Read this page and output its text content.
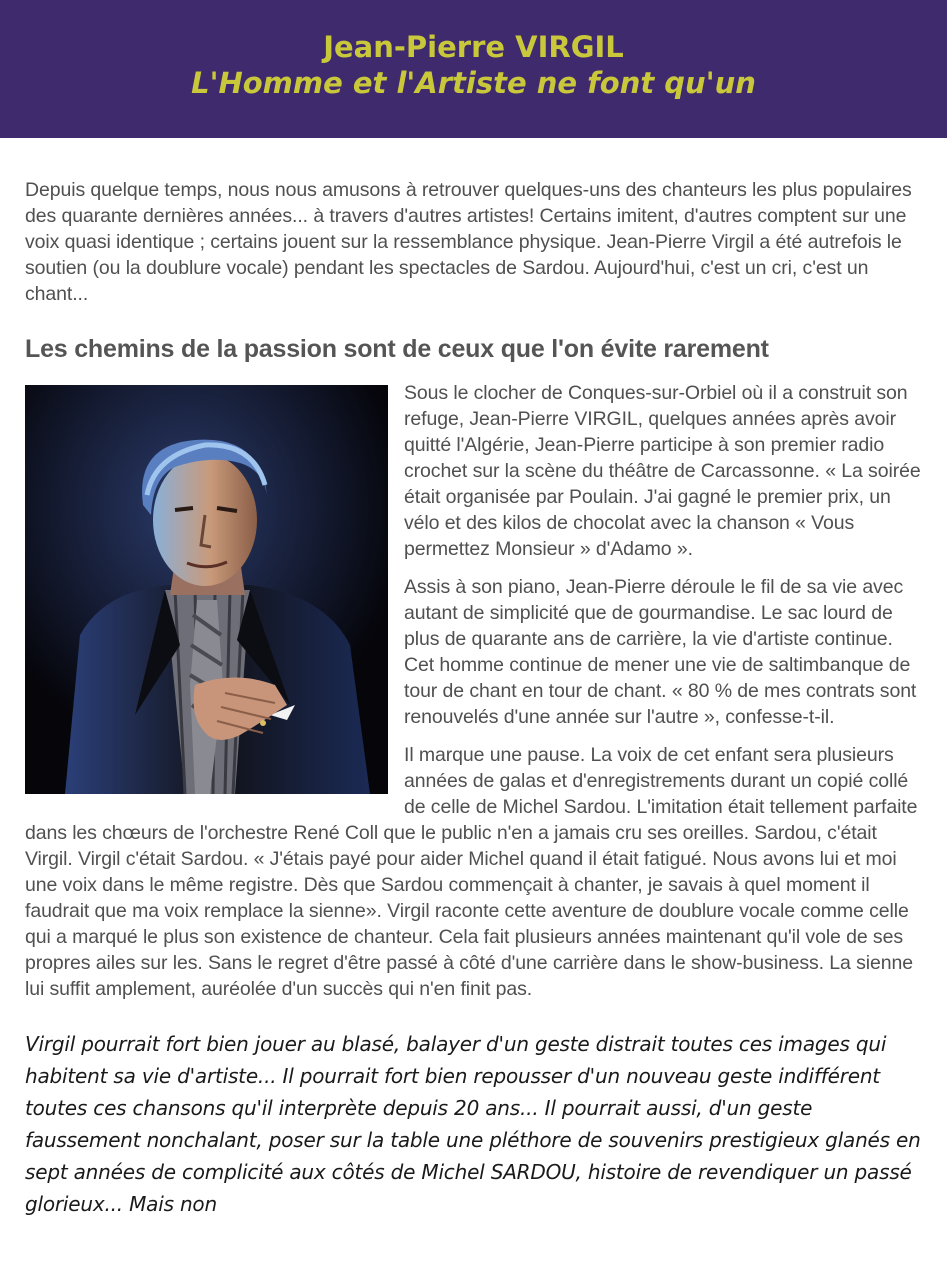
Jean-Pierre VIRGIL
L'Homme et l'Artiste ne font qu'un

Depuis quelque temps, nous nous amusons à retrouver quelques-uns des chanteurs les plus populaires des quarante dernières années... à travers d'autres artistes! Certains imitent, d'autres comptent sur une voix quasi identique ; certains jouent sur la ressemblance physique. Jean-Pierre Virgil a été autrefois le soutien (ou la doublure vocale) pendant les spectacles de Sardou. Aujourd'hui, c'est un cri, c'est un chant...

Les chemins de la passion sont de ceux que l'on évite rarement

Sous le clocher de Conques-sur-Orbiel où il a construit son refuge, Jean-Pierre VIRGIL, quelques années après avoir quitté l'Algérie, Jean-Pierre participe à son premier radio crochet sur la scène du théâtre de Carcassonne. « La soirée était organisée par Poulain. J'ai gagné le premier prix, un vélo et des kilos de chocolat avec la chanson « Vous permettez Monsieur » d'Adamo ».

Assis à son piano, Jean-Pierre déroule le fil de sa vie avec autant de simplicité que de gourmandise. Le sac lourd de plus de quarante ans de carrière, la vie d'artiste continue. Cet homme continue de mener une vie de saltimbanque de tour de chant en tour de chant. « 80 % de mes contrats sont renouvelés d'une année sur l'autre », confesse-t-il.

Il marque une pause. La voix de cet enfant sera plusieurs années de galas et d'enregistrements durant un copié collé de celle de Michel Sardou. L'imitation était tellement parfaite dans les chœurs de l'orchestre René Coll que le public n'en a jamais cru ses oreilles. Sardou, c'était Virgil. Virgil c'était Sardou. « J'étais payé pour aider Michel quand il était fatigué. Nous avons lui et moi une voix dans le même registre. Dès que Sardou commençait à chanter, je savais à quel moment il faudrait que ma voix remplace la sienne». Virgil raconte cette aventure de doublure vocale comme celle qui a marqué le plus son existence de chanteur. Cela fait plusieurs années maintenant qu'il vole de ses propres ailes sur les. Sans le regret d'être passé à côté d'une carrière dans le show-business. La sienne lui suffit amplement, auréolée d'un succès qui n'en finit pas.

Virgil pourrait fort bien jouer au blasé, balayer d'un geste distrait toutes ces images qui habitent sa vie d'artiste... Il pourrait fort bien repousser d'un nouveau geste indifférent toutes ces chansons qu'il interprète depuis 20 ans... Il pourrait aussi, d'un geste faussement nonchalant, poser sur la table une pléthore de souvenirs prestigieux glanés en sept années de complicité aux côtés de Michel SARDOU, histoire de revendiquer un passé glorieux... Mais non
